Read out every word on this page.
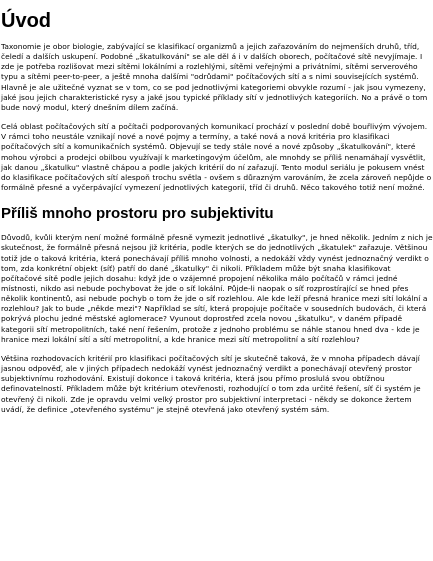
Úvod

Taxonomie je obor biologie, zabývající se klasifikací organizmů a jejich zařazováním do nejmenších druhů, tříd, čeledí a dalších uskupení. Podobné „škatulkování" se ale děl á i v dalších oborech, počítačové sítě nevyjímaje. I zde je potřeba rozlišovat mezi sítěmi lokálními a rozlehlými, sítěmi veřejnými a privátními, sítěmi serverového typu a sítěmi peer-to-peer, a ještě mnoha dalšími "odrůdami" počítačových sítí a s nimi souvisejících systémů. Hlavně je ale užitečné vyznat se v tom, co se pod jednotlivými kategoriemi obvykle rozumí - jak jsou vymezeny, jaké jsou jejich charakteristické rysy a jaké jsou typické příklady sítí v jednotlivých kategoriích. No a právě o tom bude nový modul, který dnešním dílem začíná.

Celá oblast počítačových sítí a počítači podporovaných komunikací prochází v poslední době bouřlivým vývojem. V rámci toho neustále vznikají nové a nové pojmy a termíny, a také nová a nová kritéria pro klasifikaci počítačových sítí a komunikačních systémů. Objevují se tedy stále nové a nové způsoby „škatulkování", které mohou výrobci a prodejci obilbou využívají k marketingovým účelům, ale mnohdy se příliš nenamáhají vysvětlit, jak danou „škatulku" vlastně chápou a podle jakých kritérií do ní zařazují. Tento modul seriálu je pokusem vnést do klasifikace počítačových sítí alespoň trochu světla - ovšem s důrazným varováním, že zcela zároveň nepůjde o formálně přesné a vyčerpávající vymezení jednotlivých kategorií, tříd či druhů. Něco takového totiž není možné.

Příliš mnoho prostoru pro subjektivitu

Důvodů, kvůli kterým není možné formálně přesně vymezit jednotlivé „škatulky", je hned několik. Jedním z nich je skutečnost, že formálně přesná nejsou již kritéria, podle kterých se do jednotlivých „škatulek" zařazuje. Většinou totiž jde o taková kritéria, která ponechávají příliš mnoho volnosti, a nedokáží vždy vynést jednoznačný verdikt o tom, zda konkrétní objekt (síť) patří do dané „škatulky" či nikoli. Příkladem může být snaha klasifikovat počítačové sítě podle jejich dosahu: když jde o vzájemné propojení několika málo počítačů v rámci jedné místnosti, nikdo asi nebude pochybovat že jde o síť lokální. Půjde-li naopak o síť rozprostírající se hned přes několik kontinentů, asi nebude pochyb o tom že jde o síť rozlehlou. Ale kde leží přesná hranice mezi sítí lokální a rozlehlou? Jak to bude „někde mezi"? Například se sítí, která propojuje počítače v sousedních budovách, či která pokrývá plochu jedné městské aglomerace? Vyunout doprostřed zcela novou „škatulku", v daném případě kategorii sítí metropolitních, také není řešením, protože z jednoho problému se náhle stanou hned dva - kde je hranice mezi lokální sítí a sítí metropolitní, a kde hranice mezi sítí metropolitní a sítí rozlehlou?

Většina rozhodovacích kritérií pro klasifikaci počítačových sítí je skutečně taková, že v mnoha případech dávají jasnou odpověď, ale v jiných případech nedokáží vynést jednoznačný verdikt a ponechávají otevřený prostor subjektivnímu rozhodování. Existují dokonce i taková kritéria, která jsou přímo proslulá svou obtížnou definovatelností. Příkladem může být kritérium otevřenosti, rozhodující o tom zda určité řešení, síť či systém je otevřený či nikoli. Zde je opravdu velmi velký prostor pro subjektivní interpretaci - někdy se dokonce žertem uvádí, že definice „otevřeného systému" je stejně otevřená jako otevřený systém sám.
